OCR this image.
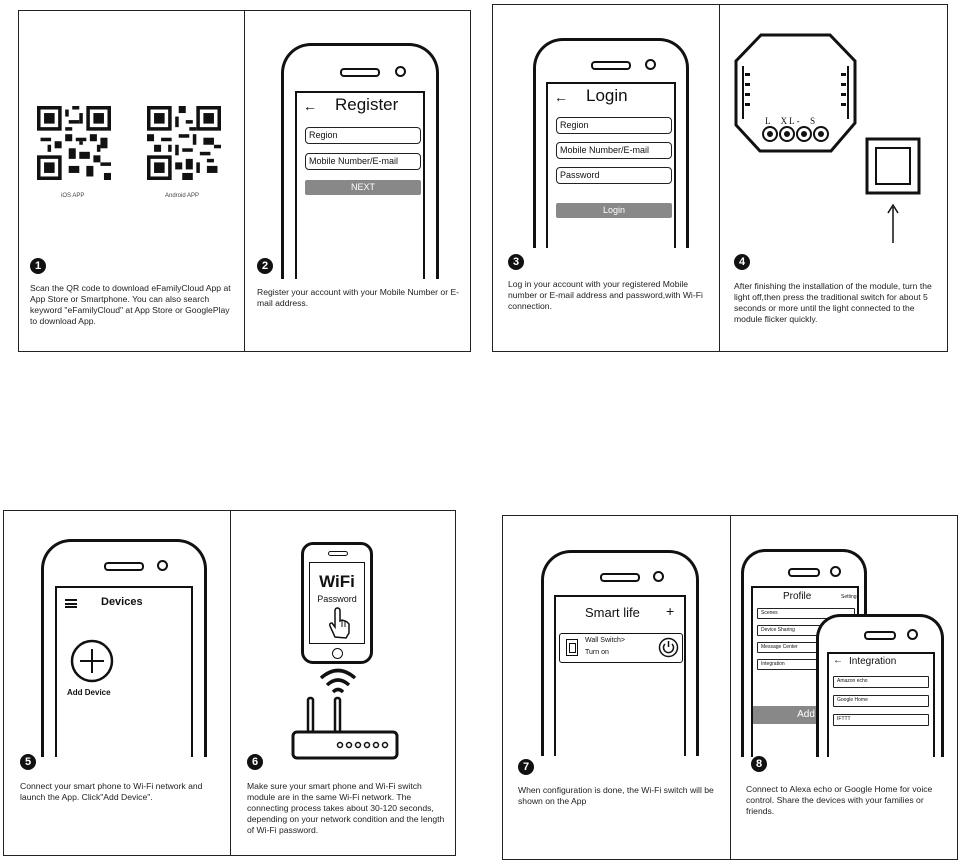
iOS APP	Android APP
1
Scan the QR code to download eFamilyCloud App at App Store or Smartphone. You can also search keyword "eFamilyCloud" at App Store or GooglePlay to download App.
← Register
Region
Mobile Number/E-mail
NEXT
2
Register your account with your Mobile Number or E-mail address.
← Login
Region
Mobile Number/E-mail
Password
Login
3
Log in your account with your registered Mobile number or E-mail address and password,with Wi-Fi connection.
L  XL-  S
4
After finishing the installation of the module, turn the light off,then press the traditional switch for about 5 seconds or more until the light connected to the module flicker quickly.
Devices
Add Device
5
Connect your smart phone to Wi-Fi network and launch the App. Click"Add Device".
WiFi
Password
6
Make sure your smart phone and Wi-Fi switch module are in the same Wi-Fi network. The connecting process takes about 30-120 seconds, depending on your network condition and the length of Wi-Fi password.
Smart life +
Wall Switch>
Turn on
7
When configuration is done, the Wi-Fi switch will be shown on the App
Profile	Settings
Scenes
Device Sharing
Message Center
Integration
Add
← Integration
Amazon echo
Google Home
IFTTT
8
Connect to Alexa echo or Google Home for voice control. Share the devices with your families or friends.
